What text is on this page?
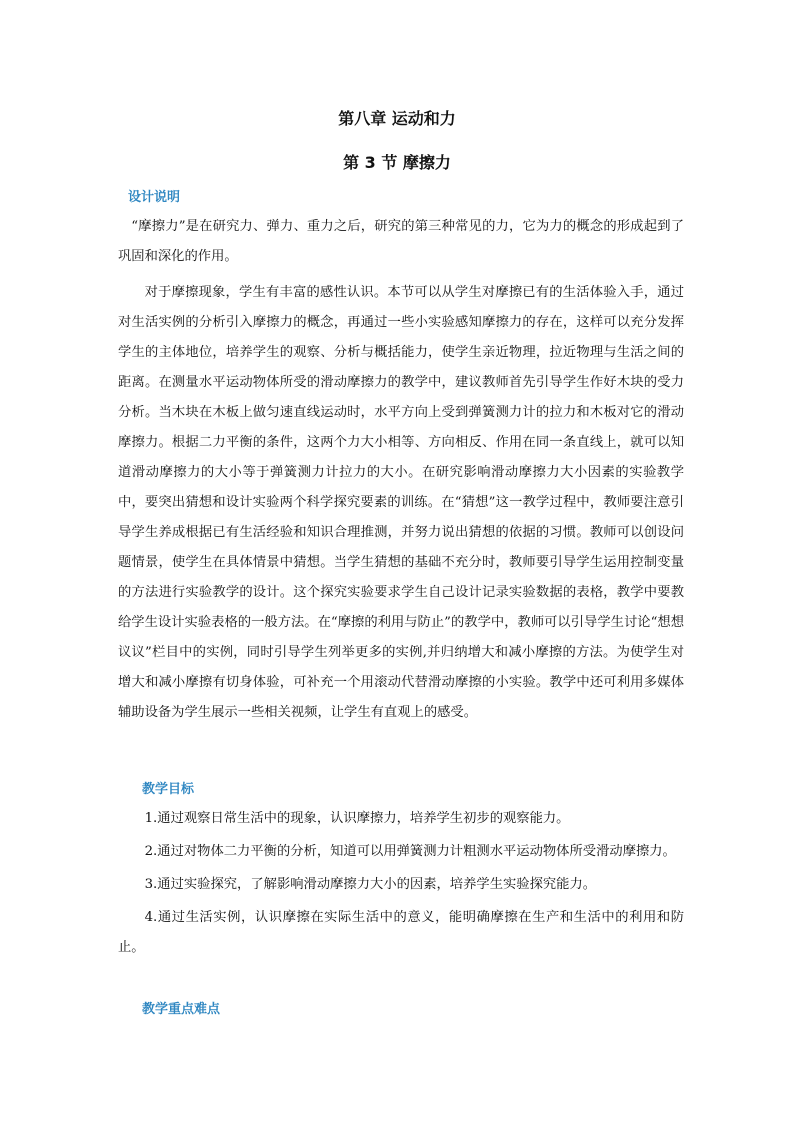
第八章 运动和力
第 3 节 摩擦力
设计说明

“摩擦力”是在研究力、弹力、重力之后，研究的第三种常见的力，它为力的概念的形成起到了巩固和深化的作用。

对于摩擦现象，学生有丰富的感性认识。本节可以从学生对摩擦已有的生活体验入手，通过对生活实例的分析引入摩擦力的概念，再通过一些小实验感知摩擦力的存在，这样可以充分发挥学生的主体地位，培养学生的观察、分析与概括能力，使学生亲近物理，拉近物理与生活之间的距离。在测量水平运动物体所受的滑动摩擦力的教学中，建议教师首先引导学生作好木块的受力分析。当木块在木板上做匀速直线运动时，水平方向上受到弹簧测力计的拉力和木板对它的滑动摩擦力。根据二力平衡的条件，这两个力大小相等、方向相反、作用在同一条直线上，就可以知道滑动摩擦力的大小等于弹簧测力计拉力的大小。在研究影响滑动摩擦力大小因素的实验教学中，要突出猜想和设计实验两个科学探究要素的训练。在“猜想”这一教学过程中，教师要注意引导学生养成根据已有生活经验和知识合理推测，并努力说出猜想的依据的习惯。教师可以创设问题情景，使学生在具体情景中猜想。当学生猜想的基础不充分时，教师要引导学生运用控制变量的方法进行实验教学的设计。这个探究实验要求学生自己设计记录实验数据的表格，教学中要教给学生设计实验表格的一般方法。在“摩擦的利用与防止”的教学中，教师可以引导学生讨论“想想议议”栏目中的实例，同时引导学生列举更多的实例,并归纳增大和减小摩擦的方法。为使学生对增大和减小摩擦有切身体验，可补充一个用滚动代替滑动摩擦的小实验。教学中还可利用多媒体辅助设备为学生展示一些相关视频，让学生有直观上的感受。

教学目标

1.通过观察日常生活中的现象，认识摩擦力，培养学生初步的观察能力。

2.通过对物体二力平衡的分析，知道可以用弹簧测力计粗测水平运动物体所受滑动摩擦力。

3.通过实验探究，了解影响滑动摩擦力大小的因素，培养学生实验探究能力。

4.通过生活实例，认识摩擦在实际生活中的意义，能明确摩擦在生产和生活中的利用和防止。

教学重点难点
